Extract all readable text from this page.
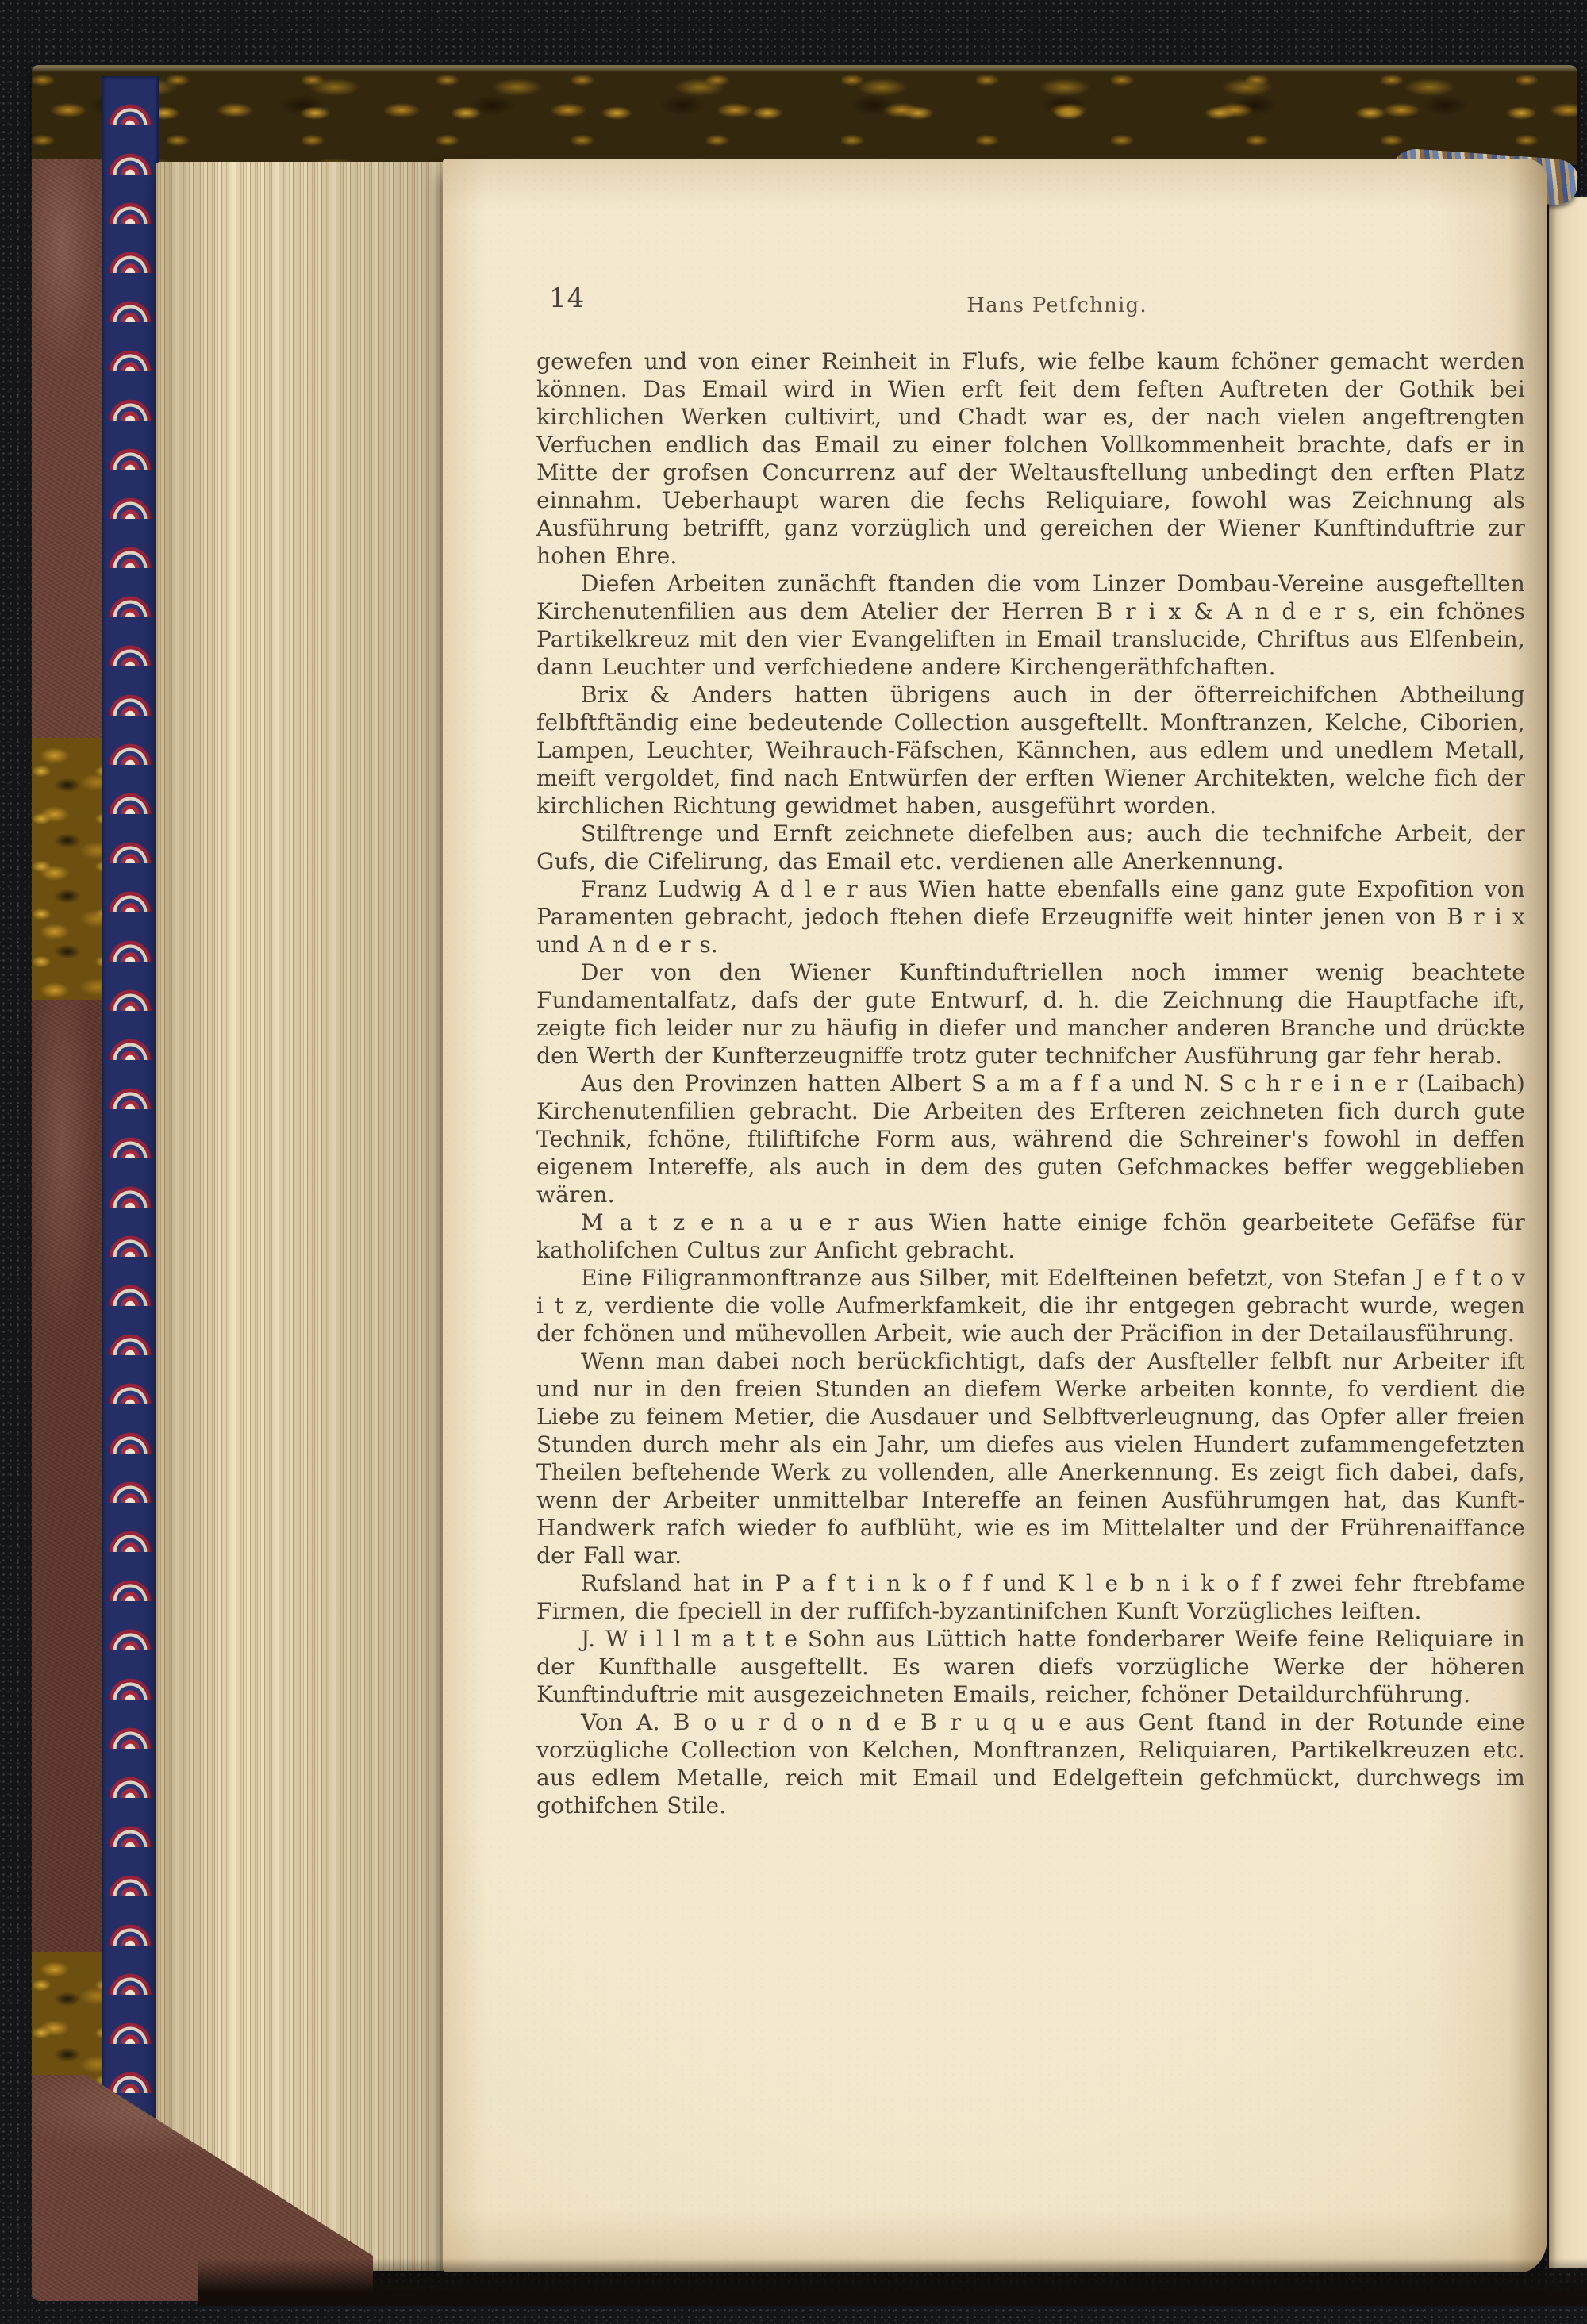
14	Hans Petfchnig.

gewefen und von einer Reinheit in Flufs, wie felbe kaum fchöner gemacht werden können. Das Email wird in Wien erft feit dem feften Auftreten der Gothik bei kirchlichen Werken cultivirt, und Chadt war es, der nach vielen angeftrengten Verfuchen endlich das Email zu einer folchen Vollkommenheit brachte, dafs er in Mitte der grofsen Concurrenz auf der Weltausftellung unbedingt den erften Platz einnahm. Ueberhaupt waren die fechs Reliquiare, fowohl was Zeichnung als Ausführung betrifft, ganz vorzüglich und gereichen der Wiener Kunftinduftrie zur hohen Ehre.

Diefen Arbeiten zunächft ftanden die vom Linzer Dombau-Vereine ausgeftellten Kirchenutenfilien aus dem Atelier der Herren B r i x & A n d e r s, ein fchönes Partikelkreuz mit den vier Evangeliften in Email translucide, Chriftus aus Elfenbein, dann Leuchter und verfchiedene andere Kirchengeräthfchaften.

Brix & Anders hatten übrigens auch in der öfterreichifchen Abtheilung felbftftändig eine bedeutende Collection ausgeftellt. Monftranzen, Kelche, Ciborien, Lampen, Leuchter, Weihrauch-Fäfschen, Kännchen, aus edlem und unedlem Metall, meift vergoldet, find nach Entwürfen der erften Wiener Architekten, welche fich der kirchlichen Richtung gewidmet haben, ausgeführt worden.

Stilftrenge und Ernft zeichnete diefelben aus; auch die technifche Arbeit, der Gufs, die Cifelirung, das Email etc. verdienen alle Anerkennung.

Franz Ludwig A d l e r aus Wien hatte ebenfalls eine ganz gute Expofition von Paramenten gebracht, jedoch ftehen diefe Erzeugniffe weit hinter jenen von B r i x und A n d e r s.

Der von den Wiener Kunftinduftriellen noch immer wenig beachtete Fundamentalfatz, dafs der gute Entwurf, d. h. die Zeichnung die Hauptfache ift, zeigte fich leider nur zu häufig in diefer und mancher anderen Branche und drückte den Werth der Kunfterzeugniffe trotz guter technifcher Ausführung gar fehr herab.

Aus den Provinzen hatten Albert S a m a f f a und N. S c h r e i n e r (Laibach) Kirchenutenfilien gebracht. Die Arbeiten des Erfteren zeichneten fich durch gute Technik, fchöne, ftiliftifche Form aus, während die Schreiner's fowohl in deffen eigenem Intereffe, als auch in dem des guten Gefchmackes beffer weggeblieben wären.

M a t z e n a u e r aus Wien hatte einige fchön gearbeitete Gefäfse für katholifchen Cultus zur Anficht gebracht.

Eine Filigranmonftranze aus Silber, mit Edelfteinen befetzt, von Stefan J e f t o v i t z, verdiente die volle Aufmerkfamkeit, die ihr entgegen gebracht wurde, wegen der fchönen und mühevollen Arbeit, wie auch der Präcifion in der Detailausführung.

Wenn man dabei noch berückfichtigt, dafs der Ausfteller felbft nur Arbeiter ift und nur in den freien Stunden an diefem Werke arbeiten konnte, fo verdient die Liebe zu feinem Metier, die Ausdauer und Selbftverleugnung, das Opfer aller freien Stunden durch mehr als ein Jahr, um diefes aus vielen Hundert zufammengefetzten Theilen beftehende Werk zu vollenden, alle Anerkennung. Es zeigt fich dabei, dafs, wenn der Arbeiter unmittelbar Intereffe an feinen Ausführumgen hat, das Kunft-Handwerk rafch wieder fo aufblüht, wie es im Mittelalter und der Frührenaiffance der Fall war.

Rufsland hat in P a f t i n k o f f und K l e b n i k o f f zwei fehr ftrebfame Firmen, die fpeciell in der ruffifch-byzantinifchen Kunft Vorzügliches leiften.

J. W i l l m a t t e Sohn aus Lüttich hatte fonderbarer Weife feine Reliquiare in der Kunfthalle ausgeftellt. Es waren diefs vorzügliche Werke der höheren Kunftinduftrie mit ausgezeichneten Emails, reicher, fchöner Detaildurchführung.

Von A. B o u r d o n d e B r u q u e aus Gent ftand in der Rotunde eine vorzügliche Collection von Kelchen, Monftranzen, Reliquiaren, Partikelkreuzen etc. aus edlem Metalle, reich mit Email und Edelgeftein gefchmückt, durchwegs im gothifchen Stile.
